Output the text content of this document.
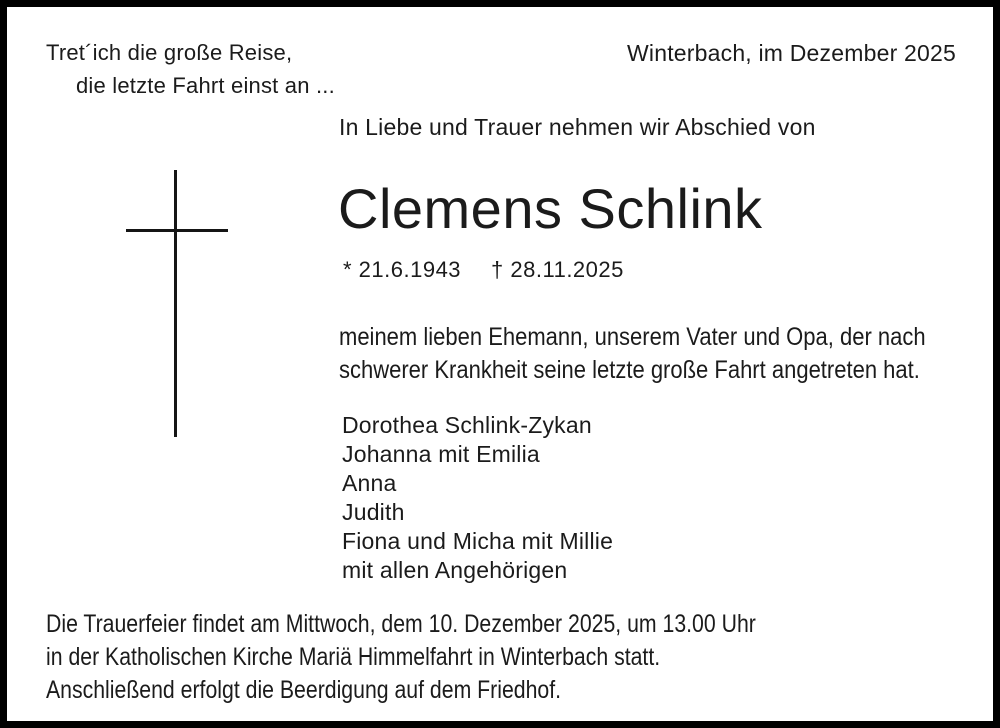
Tret´ich die große Reise,
die letzte Fahrt einst an ...
Winterbach, im Dezember 2025
In Liebe und Trauer nehmen wir Abschied von
Clemens Schlink
* 21.6.1943 † 28.11.2025
meinem lieben Ehemann, unserem Vater und Opa, der nach
schwerer Krankheit seine letzte große Fahrt angetreten hat.
Dorothea Schlink-Zykan
Johanna mit Emilia
Anna
Judith
Fiona und Micha mit Millie
mit allen Angehörigen
Die Trauerfeier findet am Mittwoch, dem 10. Dezember 2025, um 13.00 Uhr
in der Katholischen Kirche Mariä Himmelfahrt in Winterbach statt.
Anschließend erfolgt die Beerdigung auf dem Friedhof.
